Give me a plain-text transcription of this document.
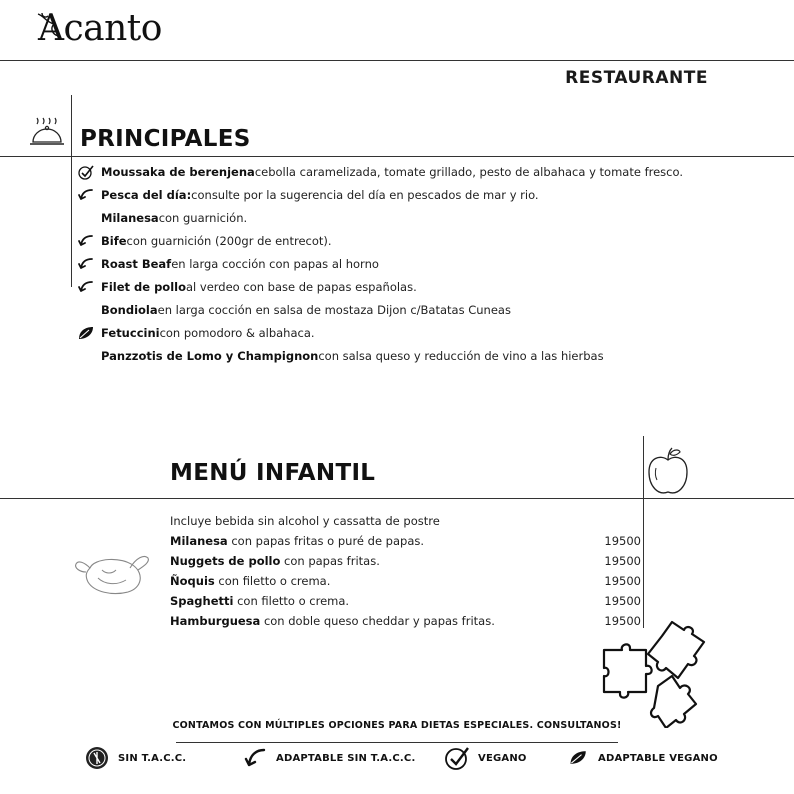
Acanto
RESTAURANTE
PRINCIPALES
Moussaka de berenjena cebolla caramelizada, tomate grillado, pesto de albahaca y tomate fresco.
Pesca del día: consulte por la sugerencia del día en pescados de mar y rio.
Milanesa con guarnición.
Bife con guarnición (200gr de entrecot).
Roast Beaf en larga cocción con papas al horno
Filet de pollo al verdeo con base de papas españolas.
Bondiola en larga cocción en salsa de mostaza Dijon c/Batatas Cuneas
Fetuccini con pomodoro & albahaca.
Panzzotis de Lomo y Champignon con salsa queso y reducción de vino a las hierbas
MENÚ INFANTIL
Incluye bebida sin alcohol y cassatta de postre
Milanesa con papas fritas o puré de papas.	19500
Nuggets de pollo con papas fritas.	19500
Ñoquis con filetto o crema.	19500
Spaghetti con filetto o crema.	19500
Hamburguesa con doble queso cheddar y papas fritas.	19500
CONTAMOS CON MÚLTIPLES OPCIONES PARA DIETAS ESPECIALES. CONSULTANOS!
SIN T.A.C.C.	ADAPTABLE SIN T.A.C.C.	VEGANO	ADAPTABLE VEGANO
